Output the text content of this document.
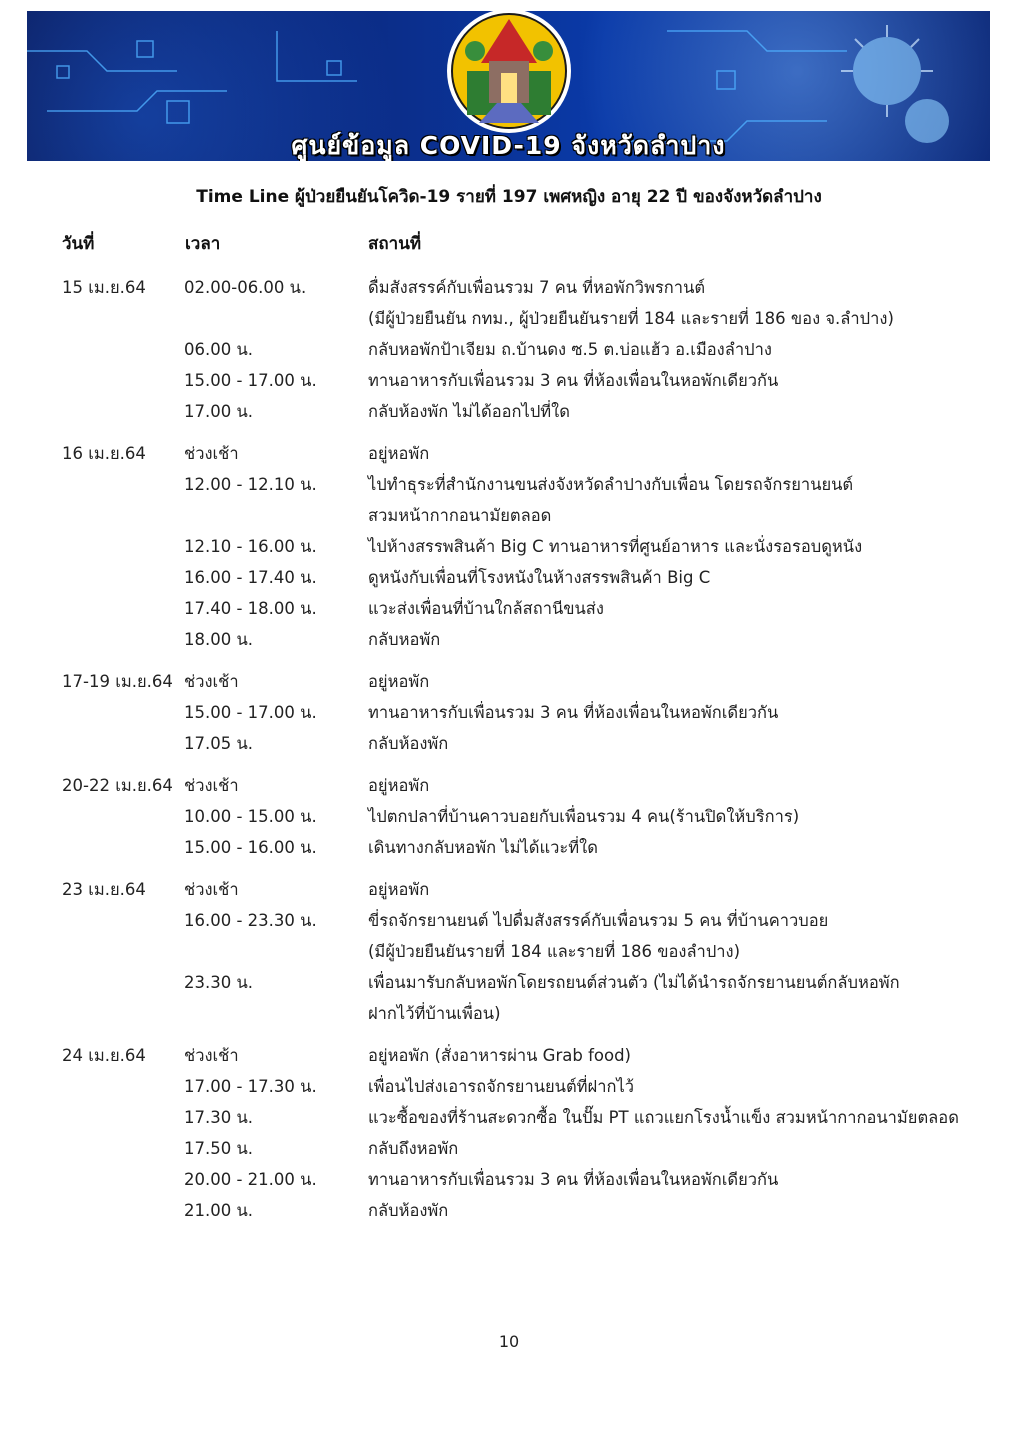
ศูนย์ข้อมูล COVID-19 จังหวัดลำปาง
Time Line ผู้ป่วยยืนยันโควิด-19 รายที่ 197 เพศหญิง อายุ 22 ปี ของจังหวัดลำปาง
วันที่	เวลา	สถานที่
15 เม.ย.64 02.00-06.00 น.	ดื่มสังสรรค์กับเพื่อนรวม 7 คน ที่หอพักวิพรกานต์
(มีผู้ป่วยยืนยัน กทม., ผู้ป่วยยืนยันรายที่ 184 และรายที่ 186 ของ จ.ลำปาง)
06.00 น.	กลับหอพักป้าเจียม ถ.บ้านดง ซ.5 ต.บ่อแฮ้ว อ.เมืองลำปาง
15.00 - 17.00 น.	ทานอาหารกับเพื่อนรวม 3 คน ที่ห้องเพื่อนในหอพักเดียวกัน
17.00 น.	กลับห้องพัก ไม่ได้ออกไปที่ใด
16 เม.ย.64 ช่วงเช้า	อยู่หอพัก
12.00 - 12.10 น.	ไปทำธุระที่สำนักงานขนส่งจังหวัดลำปางกับเพื่อน โดยรถจักรยานยนต์
สวมหน้ากากอนามัยตลอด
12.10 - 16.00 น.	ไปห้างสรรพสินค้า Big C ทานอาหารที่ศูนย์อาหาร และนั่งรอรอบดูหนัง
16.00 - 17.40 น.	ดูหนังกับเพื่อนที่โรงหนังในห้างสรรพสินค้า Big C
17.40 - 18.00 น.	แวะส่งเพื่อนที่บ้านใกล้สถานีขนส่ง
18.00 น.	กลับหอพัก
17-19 เม.ย.64 ช่วงเช้า	อยู่หอพัก
15.00 - 17.00 น.	ทานอาหารกับเพื่อนรวม 3 คน ที่ห้องเพื่อนในหอพักเดียวกัน
17.05 น.	กลับห้องพัก
20-22 เม.ย.64 ช่วงเช้า	อยู่หอพัก
10.00 - 15.00 น.	ไปตกปลาที่บ้านคาวบอยกับเพื่อนรวม 4 คน(ร้านปิดให้บริการ)
15.00 - 16.00 น.	เดินทางกลับหอพัก ไม่ได้แวะที่ใด
23 เม.ย.64 ช่วงเช้า	อยู่หอพัก
16.00 - 23.30 น.	ขี่รถจักรยานยนต์ ไปดื่มสังสรรค์กับเพื่อนรวม 5 คน ที่บ้านคาวบอย
(มีผู้ป่วยยืนยันรายที่ 184 และรายที่ 186 ของลำปาง)
23.30 น.	เพื่อนมารับกลับหอพักโดยรถยนต์ส่วนตัว (ไม่ได้นำรถจักรยานยนต์กลับหอพัก
ฝากไว้ที่บ้านเพื่อน)
24 เม.ย.64 ช่วงเช้า	อยู่หอพัก (สั่งอาหารผ่าน Grab food)
17.00 - 17.30 น.	เพื่อนไปส่งเอารถจักรยานยนต์ที่ฝากไว้
17.30 น.	แวะซื้อของที่ร้านสะดวกซื้อ ในปั๊ม PT แถวแยกโรงน้ำแข็ง สวมหน้ากากอนามัยตลอด
17.50 น.	กลับถึงหอพัก
20.00 - 21.00 น.	ทานอาหารกับเพื่อนรวม 3 คน ที่ห้องเพื่อนในหอพักเดียวกัน
21.00 น.	กลับห้องพัก
10
